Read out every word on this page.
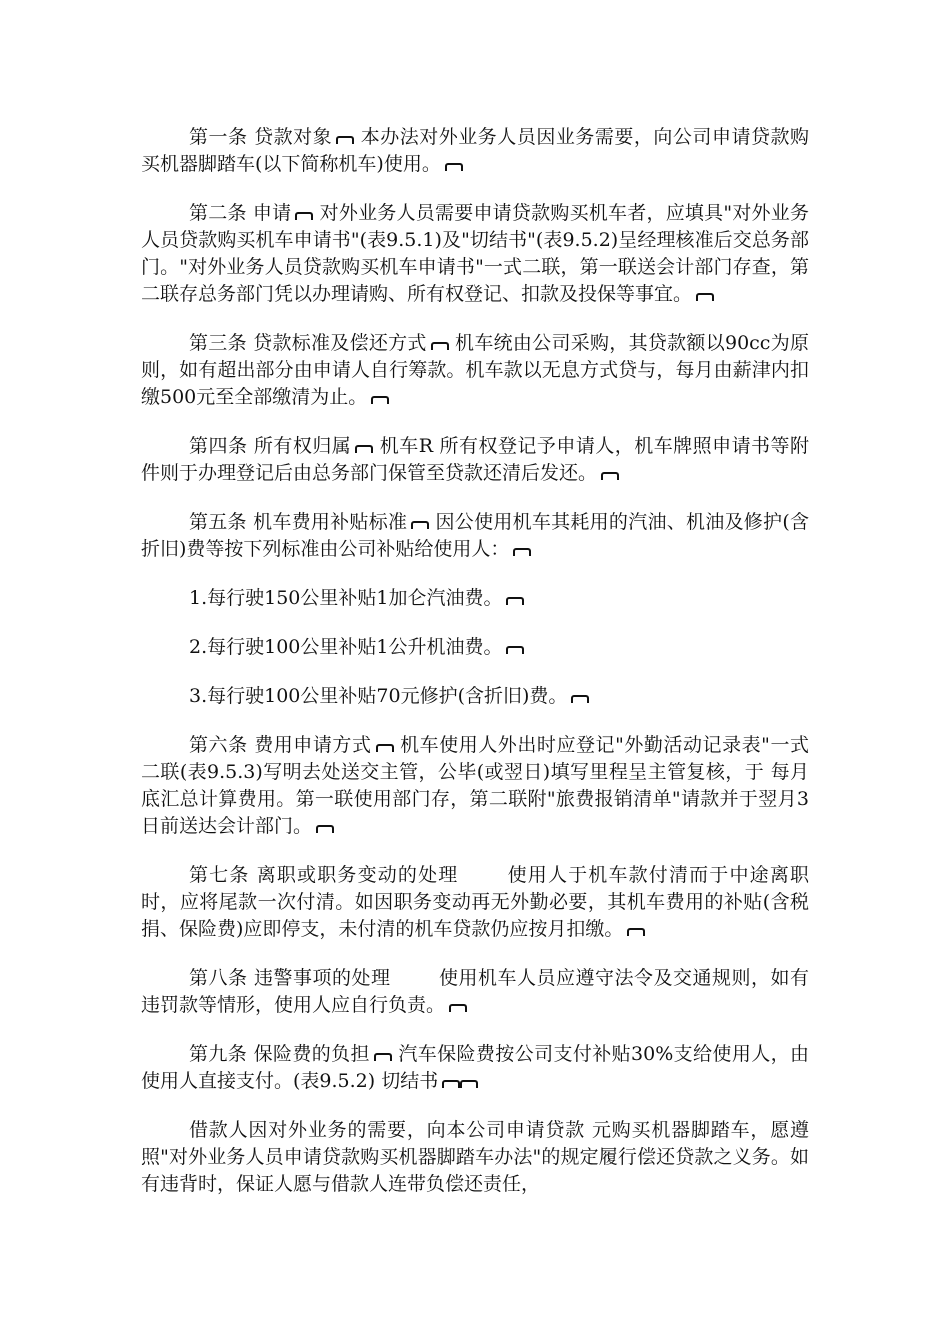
第一条 贷款对象 本办法对外业务人员因业务需要，向公司申请贷款购买机器脚踏车(以下简称机车)使用。

第二条 申请 对外业务人员需要申请贷款购买机车者，应填具"对外业务人员贷款购买机车申请书"(表9.5.1)及"切结书"(表9.5.2)呈经理核准后交总务部门。"对外业务人员贷款购买机车申请书"一式二联，第一联送会计部门存查，第二联存总务部门凭以办理请购、所有权登记、扣款及投保等事宜。

第三条 贷款标准及偿还方式 机车统由公司采购，其贷款额以90cc为原则，如有超出部分由申请人自行筹款。机车款以无息方式贷与，每月由薪津内扣缴500元至全部缴清为止。

第四条 所有权归属 机车R 所有权登记予申请人，机车牌照申请书等附件则于办理登记后由总务部门保管至贷款还清后发还。

第五条 机车费用补贴标准 因公使用机车其耗用的汽油、机油及修护(含折旧)费等按下列标准由公司补贴给使用人：

1.每行驶150公里补贴1加仑汽油费。

2.每行驶100公里补贴1公升机油费。

3.每行驶100公里补贴70元修护(含折旧)费。

第六条 费用申请方式 机车使用人外出时应登记"外勤活动记录表"一式二联(表9.5.3)写明去处送交主管，公毕(或翌日)填写里程呈主管复核，于 每月底汇总计算费用。第一联使用部门存，第二联附"旅费报销清单"请款并于翌月3日前送达会计部门。

第七条 离职或职务变动的处理	使用人于机车款付清而于中途离职时，应将尾款一次付清。如因职务变动再无外勤必要，其机车费用的补贴(含税捐、保险费)应即停支，未付清的机车贷款仍应按月扣缴。

第八条 违警事项的处理	使用机车人员应遵守法令及交通规则，如有违罚款等情形，使用人应自行负责。

第九条 保险费的负担 汽车保险费按公司支付补贴30%支给使用人，由使用人直接支付。(表9.5.2) 切结书

借款人因对外业务的需要，向本公司申请贷款 元购买机器脚踏车，愿遵照"对外业务人员申请贷款购买机器脚踏车办法"的规定履行偿还贷款之义务。如有违背时，保证人愿与借款人连带负偿还责任，
